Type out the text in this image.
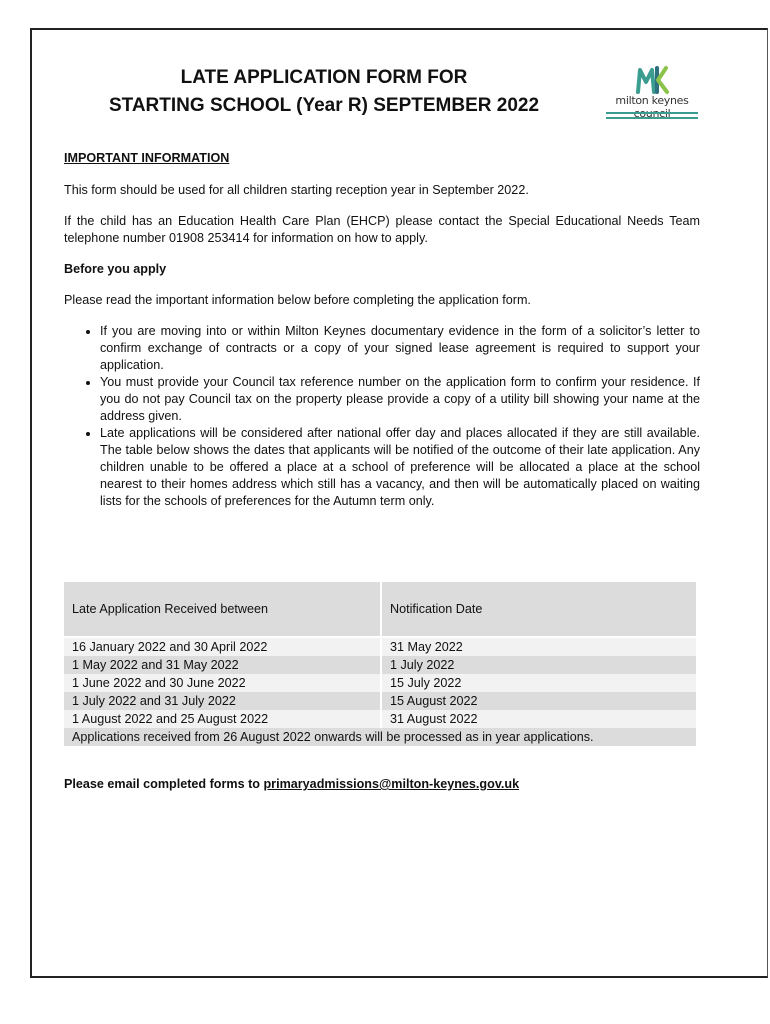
LATE APPLICATION FORM FOR
STARTING SCHOOL (Year R) SEPTEMBER 2022	milton keynes
IMPORTANT INFORMATION
This form should be used for all children starting reception year in September 2022.
If the child has an Education Health Care Plan (EHCP) please contact the Special Educational Needs Team telephone number 01908 253414 for information on how to apply.
Before you apply
Please read the important information below before completing the application form.
• If you are moving into or within Milton Keynes documentary evidence in the form of a solicitor’s letter to confirm exchange of contracts or a copy of your signed lease agreement is required to support your application.
• You must provide your Council tax reference number on the application form to confirm your residence. If you do not pay Council tax on the property please provide a copy of a utility bill showing your name at the address given.
• Late applications will be considered after national offer day and places allocated if they are still available. The table below shows the dates that applicants will be notified of the outcome of their late application. Any children unable to be offered a place at a school of preference will be allocated a place at the school nearest to their homes address which still has a vacancy, and then will be automatically placed on waiting lists for the schools of preferences for the Autumn term only.
Late Application Received between	Notification Date
16 January 2022 and 30 April 2022	31 May 2022
1 May 2022 and 31 May 2022	1 July 2022
1 June 2022 and 30 June 2022	15 July 2022
1 July 2022 and 31 July 2022	15 August 2022
1 August 2022 and 25 August 2022	31 August 2022
Applications received from 26 August 2022 onwards will be processed as in year applications.	
Please email completed forms to primaryadmissions@milton-keynes.gov.uk
